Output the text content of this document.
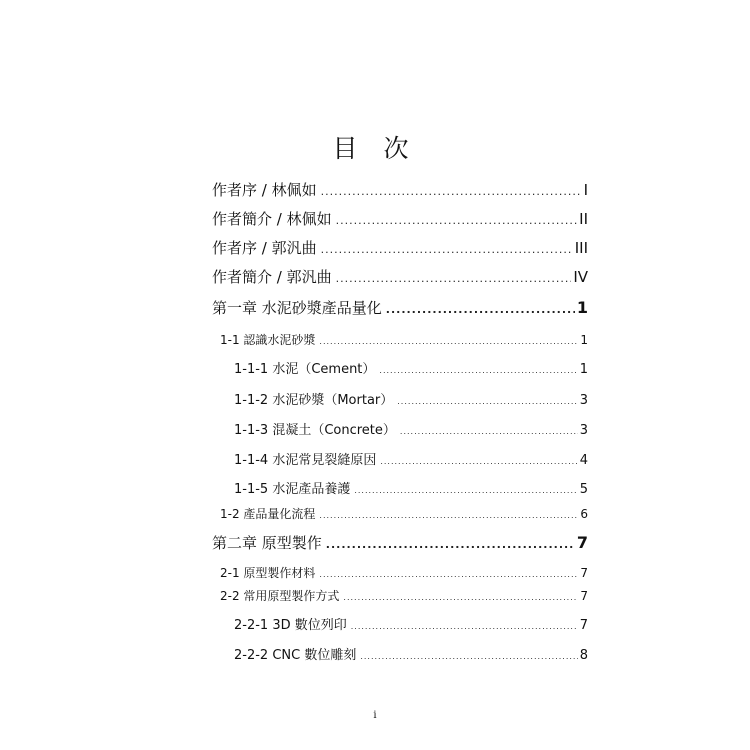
目 次
作者序 / 林佩如 .....	I
作者簡介 / 林佩如 .....	II
作者序 / 郭汎曲 .....	III
作者簡介 / 郭汎曲 .....	IV
第一章 水泥砂漿產品量化 .....	1
1-1 認識水泥砂漿 .....	1
1-1-1 水泥（Cement） .....	1
1-1-2 水泥砂漿（Mortar） .....	3
1-1-3 混凝土（Concrete） .....	3
1-1-4 水泥常見裂縫原因 .....	4
1-1-5 水泥產品養護 .....	5
1-2 產品量化流程 .....	6
第二章 原型製作 .....	7
2-1 原型製作材料 .....	7
2-2 常用原型製作方式 .....	7
2-2-1 3D 數位列印 .....	7
2-2-2 CNC 數位雕刻 .....	8
i
